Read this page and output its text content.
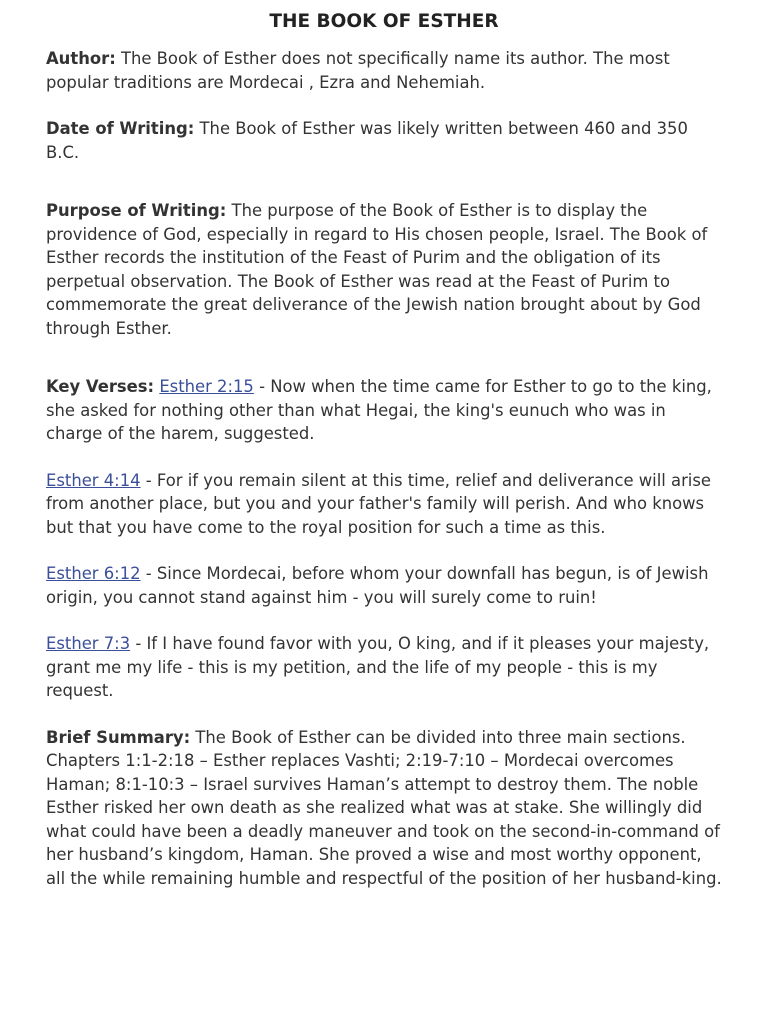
THE BOOK OF ESTHER

Author: The Book of Esther does not specifically name its author. The most popular traditions are Mordecai , Ezra and Nehemiah.

Date of Writing: The Book of Esther was likely written between 460 and 350 B.C.

Purpose of Writing: The purpose of the Book of Esther is to display the providence of God, especially in regard to His chosen people, Israel. The Book of Esther records the institution of the Feast of Purim and the obligation of its perpetual observation. The Book of Esther was read at the Feast of Purim to commemorate the great deliverance of the Jewish nation brought about by God through Esther.

Key Verses: Esther 2:15 - Now when the time came for Esther to go to the king, she asked for nothing other than what Hegai, the king's eunuch who was in charge of the harem, suggested.

Esther 4:14 - For if you remain silent at this time, relief and deliverance will arise from another place, but you and your father's family will perish. And who knows but that you have come to the royal position for such a time as this.

Esther 6:12 - Since Mordecai, before whom your downfall has begun, is of Jewish origin, you cannot stand against him - you will surely come to ruin!

Esther 7:3 - If I have found favor with you, O king, and if it pleases your majesty, grant me my life - this is my petition, and the life of my people - this is my request.

Brief Summary: The Book of Esther can be divided into three main sections. Chapters 1:1-2:18 – Esther replaces Vashti; 2:19-7:10 – Mordecai overcomes Haman; 8:1-10:3 – Israel survives Haman’s attempt to destroy them. The noble Esther risked her own death as she realized what was at stake. She willingly did what could have been a deadly maneuver and took on the second-in-command of her husband’s kingdom, Haman. She proved a wise and most worthy opponent, all the while remaining humble and respectful of the position of her husband-king.
